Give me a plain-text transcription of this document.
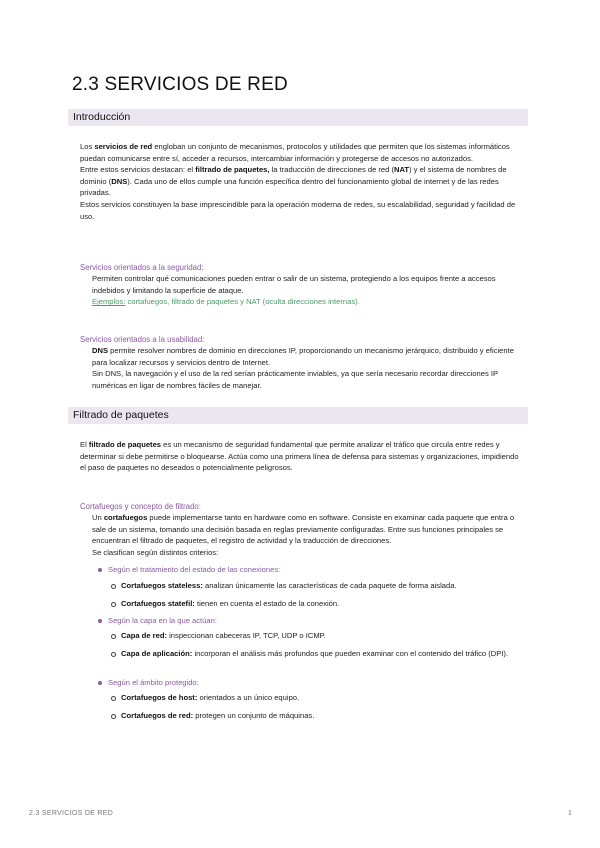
2.3 SERVICIOS DE RED
Introducción

Los servicios de red engloban un conjunto de mecanismos, protocolos y utilidades que permiten que los sistemas informáticos puedan comunicarse entre sí, acceder a recursos, intercambiar información y protegerse de accesos no autorizados.

Entre estos servicios destacan: el filtrado de paquetes, la traducción de direcciones de red (NAT) y el sistema de nombres de dominio (DNS). Cada uno de ellos cumple una función específica dentro del funcionamiento global de internet y de las redes privadas.

Estos servicios constituyen la base imprescindible para la operación moderna de redes, su escalabilidad, seguridad y facilidad de uso.

Servicios orientados a la seguridad:

Permiten controlar qué comunicaciones pueden entrar o salir de un sistema, protegiendo a los equipos frente a accesos indebidos y limitando la superficie de ataque.

Ejemplos: cortafuegos, filtrado de paquetes y NAT (oculta direcciones internas).

Servicios orientados a la usabilidad:

DNS permite resolver nombres de dominio en direcciones IP, proporcionando un mecanismo jerárquico, distribuido y eficiente para localizar recursos y servicios dentro de Internet.

Sin DNS, la navegación y el uso de la red serían prácticamente inviables, ya que sería necesario recordar direcciones IP numéricas en ligar de nombres fáciles de manejar.

Filtrado de paquetes

El filtrado de paquetes es un mecanismo de seguridad fundamental que permite analizar el tráfico que circula entre redes y determinar si debe permitirse o bloquearse. Actúa como una primera línea de defensa para sistemas y organizaciones, impidiendo el paso de paquetes no deseados o potencialmente peligrosos.

Cortafuegos y concepto de filtrado:

Un cortafuegos puede implementarse tanto en hardware como en software. Consiste en examinar cada paquete que entra o sale de un sistema, tomando una decisión basada en reglas previamente configuradas. Entre sus funciones principales se encuentran el filtrado de paquetes, el registro de actividad y la traducción de direcciones.

Se clasifican según distintos criterios:

Según el tratamiento del estado de las conexiones:
Cortafuegos stateless: analizan únicamente las características de cada paquete de forma aislada.
Cortafuegos statefil: tienen en cuenta el estado de la conexión.
Según la capa en la que actúan:
Capa de red: inspeccionan cabeceras IP, TCP, UDP o ICMP.
Capa de aplicación: incorporan el análisis más profundos que pueden examinar con el contenido del tráfico (DPI).
Según el ámbito protegido:
Cortafuegos de host: orientados a un único equipo.
Cortafuegos de red: protegen un conjunto de máquinas.
2.3 SERVICIOS DE RED	1
